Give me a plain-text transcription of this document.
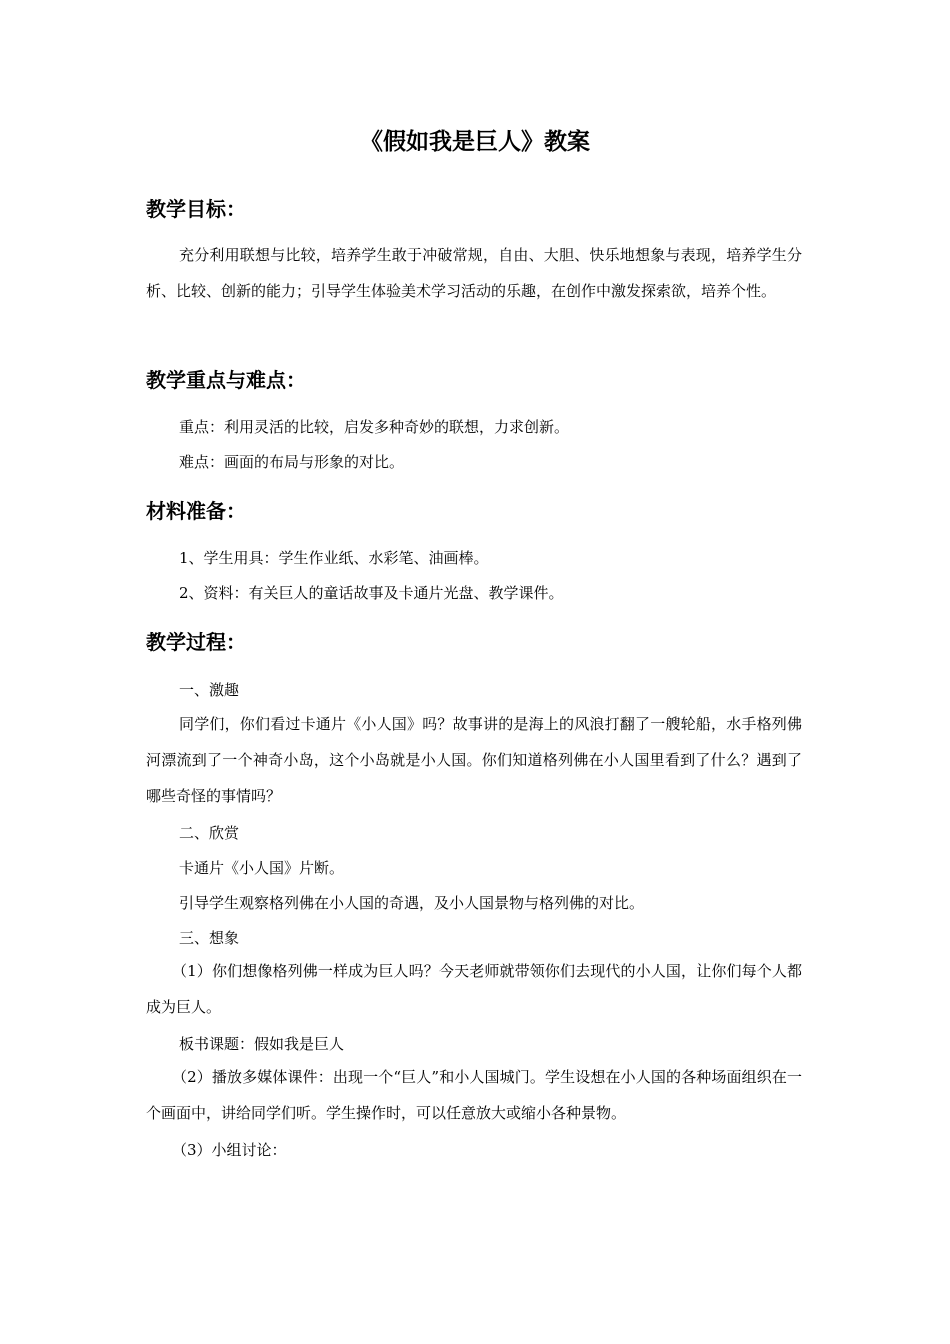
《假如我是巨人》教案
教学目标：

充分利用联想与比较，培养学生敢于冲破常规，自由、大胆、快乐地想象与表现，培养学生分析、比较、创新的能力；引导学生体验美术学习活动的乐趣，在创作中激发探索欲，培养个性。

教学重点与难点：

重点：利用灵活的比较，启发多种奇妙的联想，力求创新。

难点：画面的布局与形象的对比。

材料准备：

1、学生用具：学生作业纸、水彩笔、油画棒。

2、资料：有关巨人的童话故事及卡通片光盘、教学课件。

教学过程：

一、激趣

同学们，你们看过卡通片《小人国》吗？故事讲的是海上的风浪打翻了一艘轮船，水手格列佛河漂流到了一个神奇小岛，这个小岛就是小人国。你们知道格列佛在小人国里看到了什么？遇到了哪些奇怪的事情吗？

二、欣赏

卡通片《小人国》片断。

引导学生观察格列佛在小人国的奇遇，及小人国景物与格列佛的对比。

三、想象

（1）你们想像格列佛一样成为巨人吗？今天老师就带领你们去现代的小人国，让你们每个人都成为巨人。

板书课题：假如我是巨人

（2）播放多媒体课件：出现一个“巨人”和小人国城门。学生设想在小人国的各种场面组织在一个画面中，讲给同学们听。学生操作时，可以任意放大或缩小各种景物。

（3）小组讨论：
